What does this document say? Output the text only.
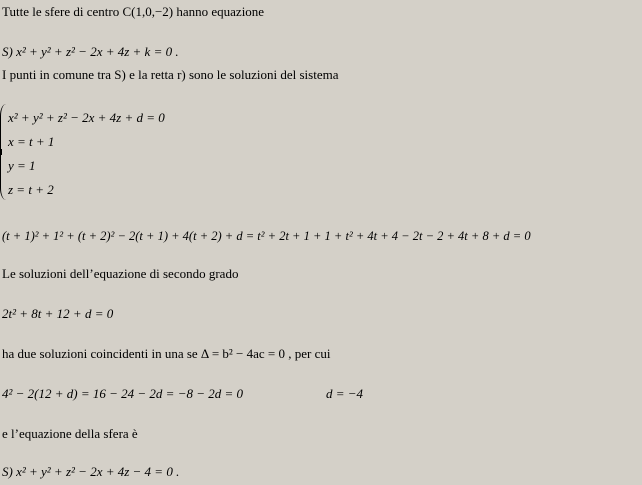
Tutte le sfere di centro C(1,0,−2) hanno equazione
S) x² + y² + z² − 2x + 4z + k = 0 .
I punti in comune tra S) e la retta r) sono le soluzioni del sistema
x² + y² + z² − 2x + 4z + d = 0
x = t + 1
y = 1
z = t + 2
(t + 1)² + 1² + (t + 2)² − 2(t + 1) + 4(t + 2) + d = t² + 2t + 1 + 1 + t² + 4t + 4 − 2t − 2 + 4t + 8 + d = 0
Le soluzioni dell’equazione di secondo grado
2t² + 8t + 12 + d = 0
ha due soluzioni coincidenti in una se Δ = b² − 4ac = 0 , per cui
4² − 2(12 + d) = 16 − 24 − 2d = −8 − 2d = 0	d = −4
e l’equazione della sfera è
S) x² + y² + z² − 2x + 4z − 4 = 0 .
